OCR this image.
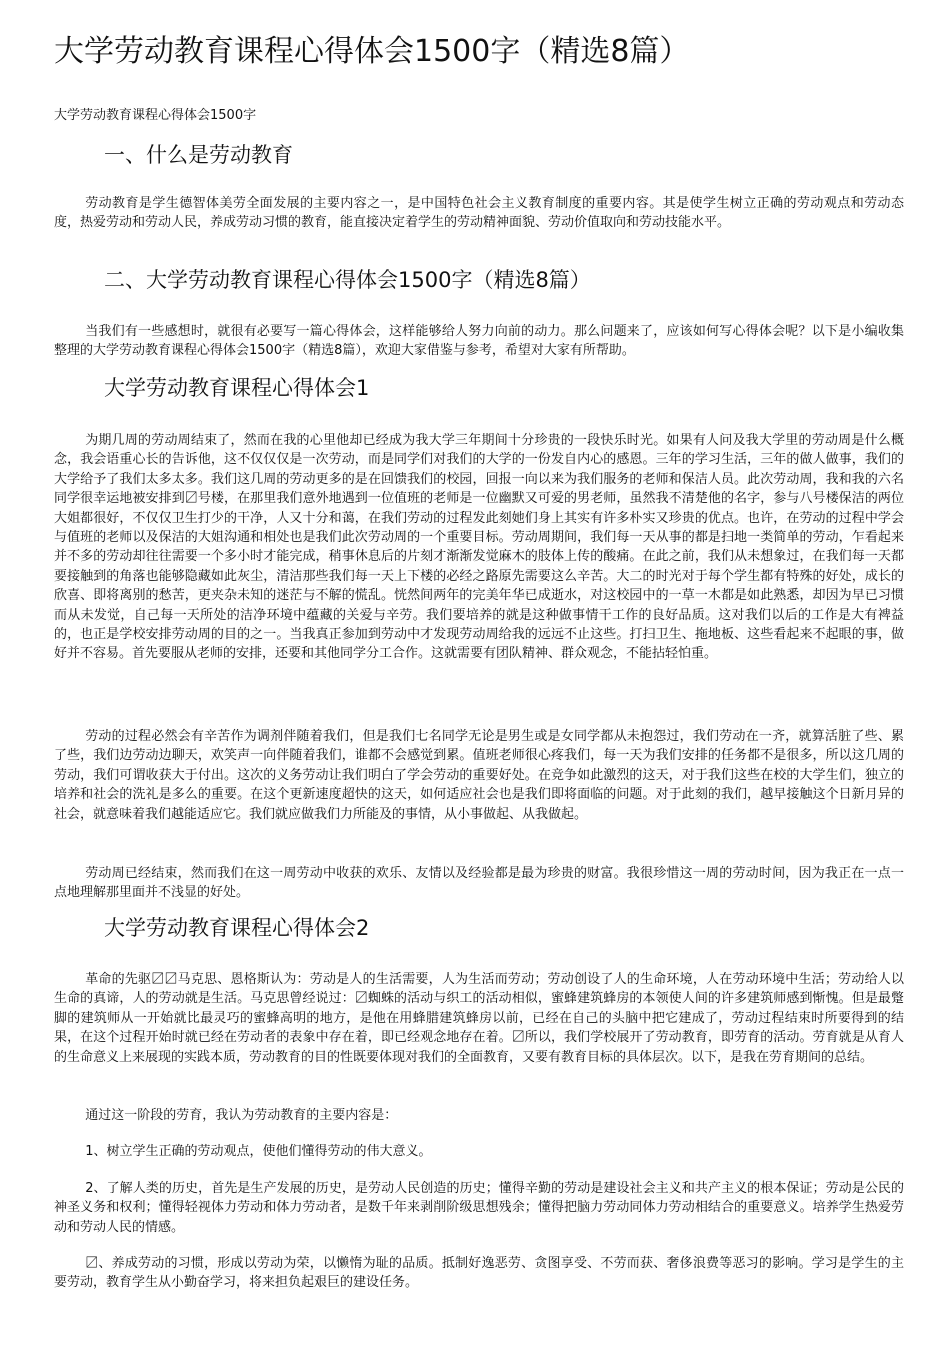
大学劳动教育课程心得体会1500字（精选8篇）

大学劳动教育课程心得体会1500字

一、什么是劳动教育

劳动教育是学生德智体美劳全面发展的主要内容之一，是中国特色社会主义教育制度的重要内容。其是使学生树立正确的劳动观点和劳动态度，热爱劳动和劳动人民，养成劳动习惯的教育，能直接决定着学生的劳动精神面貌、劳动价值取向和劳动技能水平。

二、大学劳动教育课程心得体会1500字（精选8篇）

当我们有一些感想时，就很有必要写一篇心得体会，这样能够给人努力向前的动力。那么问题来了，应该如何写心得体会呢？以下是小编收集整理的大学劳动教育课程心得体会1500字（精选8篇），欢迎大家借鉴与参考，希望对大家有所帮助。

大学劳动教育课程心得体会1

为期几周的劳动周结束了，然而在我的心里他却已经成为我大学三年期间十分珍贵的一段快乐时光。如果有人问及我大学里的劳动周是什么概念，我会语重心长的告诉他，这不仅仅仅是一次劳动，而是同学们对我们的大学的一份发自内心的感恩。三年的学习生活，三年的做人做事，我们的大学给予了我们太多太多。我们这几周的劳动更多的是在回馈我们的校园，回报一向以来为我们服务的老师和保洁人员。此次劳动周，我和我的六名同学很幸运地被安排到〼号楼，在那里我们意外地遇到一位值班的老师是一位幽默又可爱的男老师，虽然我不清楚他的名字，参与八号楼保洁的两位大姐都很好，不仅仅卫生打少的干净，人又十分和蔼，在我们劳动的过程发此刻她们身上其实有许多朴实又珍贵的优点。也许，在劳动的过程中学会与值班的老师以及保洁的大姐沟通和相处也是我们此次劳动周的一个重要目标。劳动周期间，我们每一天从事的都是扫地一类简单的劳动，乍看起来并不多的劳动却往往需要一个多小时才能完成，稍事休息后的片刻才渐渐发觉麻木的肢体上传的酸痛。在此之前，我们从未想象过，在我们每一天都要接触到的角落也能够隐藏如此灰尘，清洁那些我们每一天上下楼的必经之路原先需要这么辛苦。大二的时光对于每个学生都有特殊的好处，成长的欣喜、即将离别的愁苦，更夹杂未知的迷茫与不解的慌乱。恍然间两年的完美年华已成逝水，对这校园中的一草一木都是如此熟悉，却因为早已习惯而从未发觉，自己每一天所处的洁净环境中蕴藏的关爱与辛劳。我们要培养的就是这种做事情干工作的良好品质。这对我们以后的工作是大有裨益的，也正是学校安排劳动周的目的之一。当我真正参加到劳动中才发现劳动周给我的远远不止这些。打扫卫生、拖地板、这些看起来不起眼的事，做好并不容易。首先要服从老师的安排，还要和其他同学分工合作。这就需要有团队精神、群众观念，不能拈轻怕重。

劳动的过程必然会有辛苦作为调剂伴随着我们，但是我们七名同学无论是男生或是女同学都从未抱怨过，我们劳动在一齐，就算活脏了些、累了些，我们边劳动边聊天，欢笑声一向伴随着我们，谁都不会感觉到累。值班老师很心疼我们，每一天为我们安排的任务都不是很多，所以这几周的劳动，我们可谓收获大于付出。这次的义务劳动让我们明白了学会劳动的重要好处。在竞争如此激烈的这天，对于我们这些在校的大学生们，独立的培养和社会的洗礼是多么的重要。在这个更新速度超快的这天，如何适应社会也是我们即将面临的问题。对于此刻的我们，越早接触这个日新月异的社会，就意味着我们越能适应它。我们就应做我们力所能及的事情，从小事做起、从我做起。

劳动周已经结束，然而我们在这一周劳动中收获的欢乐、友情以及经验都是最为珍贵的财富。我很珍惜这一周的劳动时间，因为我正在一点一点地理解那里面并不浅显的好处。

大学劳动教育课程心得体会2

革命的先驱〼〼马克思、恩格斯认为：劳动是人的生活需要，人为生活而劳动；劳动创设了人的生命环境，人在劳动环境中生活；劳动给人以生命的真谛，人的劳动就是生活。马克思曾经说过：〼蜘蛛的活动与织工的活动相似，蜜蜂建筑蜂房的本领使人间的许多建筑师感到惭愧。但是最蹩脚的建筑师从一开始就比最灵巧的蜜蜂高明的地方，是他在用蜂腊建筑蜂房以前，已经在自己的头脑中把它建成了，劳动过程结束时所要得到的结果，在这个过程开始时就已经在劳动者的表象中存在着，即已经观念地存在着。〼所以，我们学校展开了劳动教育，即劳育的活动。劳育就是从育人的生命意义上来展现的实践本质，劳动教育的目的性既要体现对我们的全面教育，又要有教育目标的具体层次。以下，是我在劳育期间的总结。

通过这一阶段的劳育，我认为劳动教育的主要内容是：

1、树立学生正确的劳动观点，使他们懂得劳动的伟大意义。

2、了解人类的历史，首先是生产发展的历史，是劳动人民创造的历史；懂得辛勤的劳动是建设社会主义和共产主义的根本保证；劳动是公民的神圣义务和权利；懂得轻视体力劳动和体力劳动者，是数千年来剥削阶级思想残余；懂得把脑力劳动同体力劳动相结合的重要意义。培养学生热爱劳动和劳动人民的情感。

〼、养成劳动的习惯，形成以劳动为荣，以懒惰为耻的品质。抵制好逸恶劳、贪图享受、不劳而获、奢侈浪费等恶习的影响。学习是学生的主要劳动，教育学生从小勤奋学习，将来担负起艰巨的建设任务。
